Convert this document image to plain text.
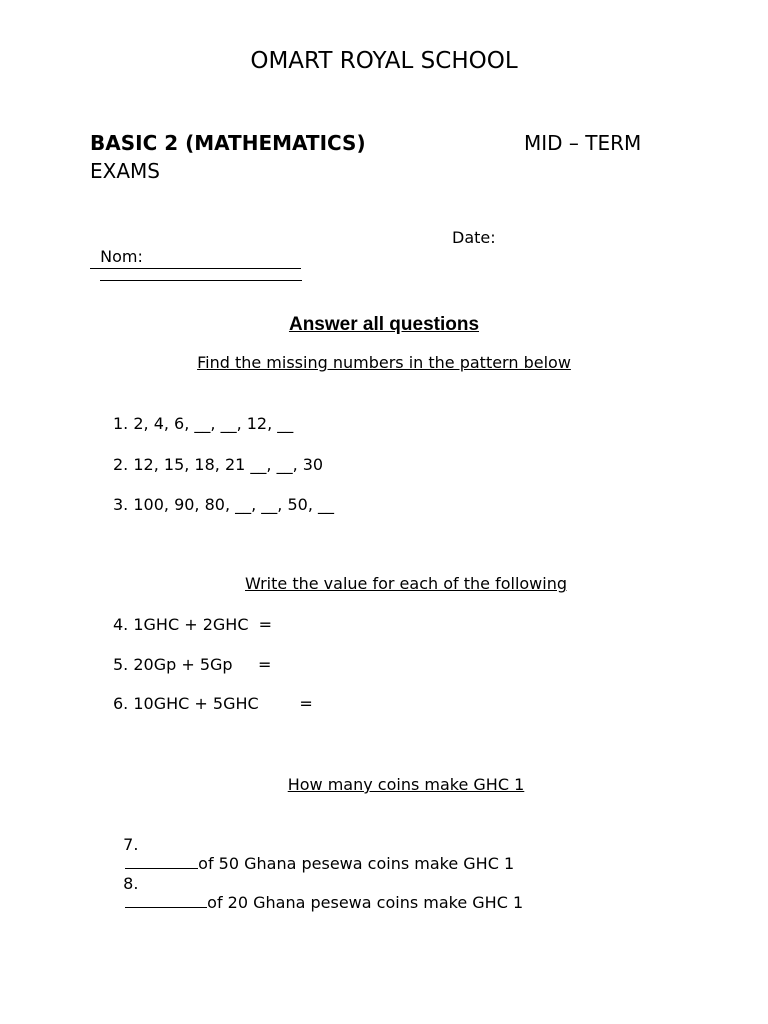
OMART ROYAL SCHOOL
BASIC 2 (MATHEMATICS)	MID – TERM
EXAMS

Nom:

Date:
Answer all questions
Find the missing numbers in the pattern below
1. 2, 4, 6, __, __, 12, __
2. 12, 15, 18, 21 __, __, 30
3. 100, 90, 80, __, __, 50, __
Write the value for each of the following
4. 1GHC + 2GHC  =
5. 20Gp + 5Gp     =
6. 10GHC + 5GHC        =
How many coins make GHC 1

7.
of 50 Ghana pesewa coins make GHC 1

8.
of 20 Ghana pesewa coins make GHC 1
